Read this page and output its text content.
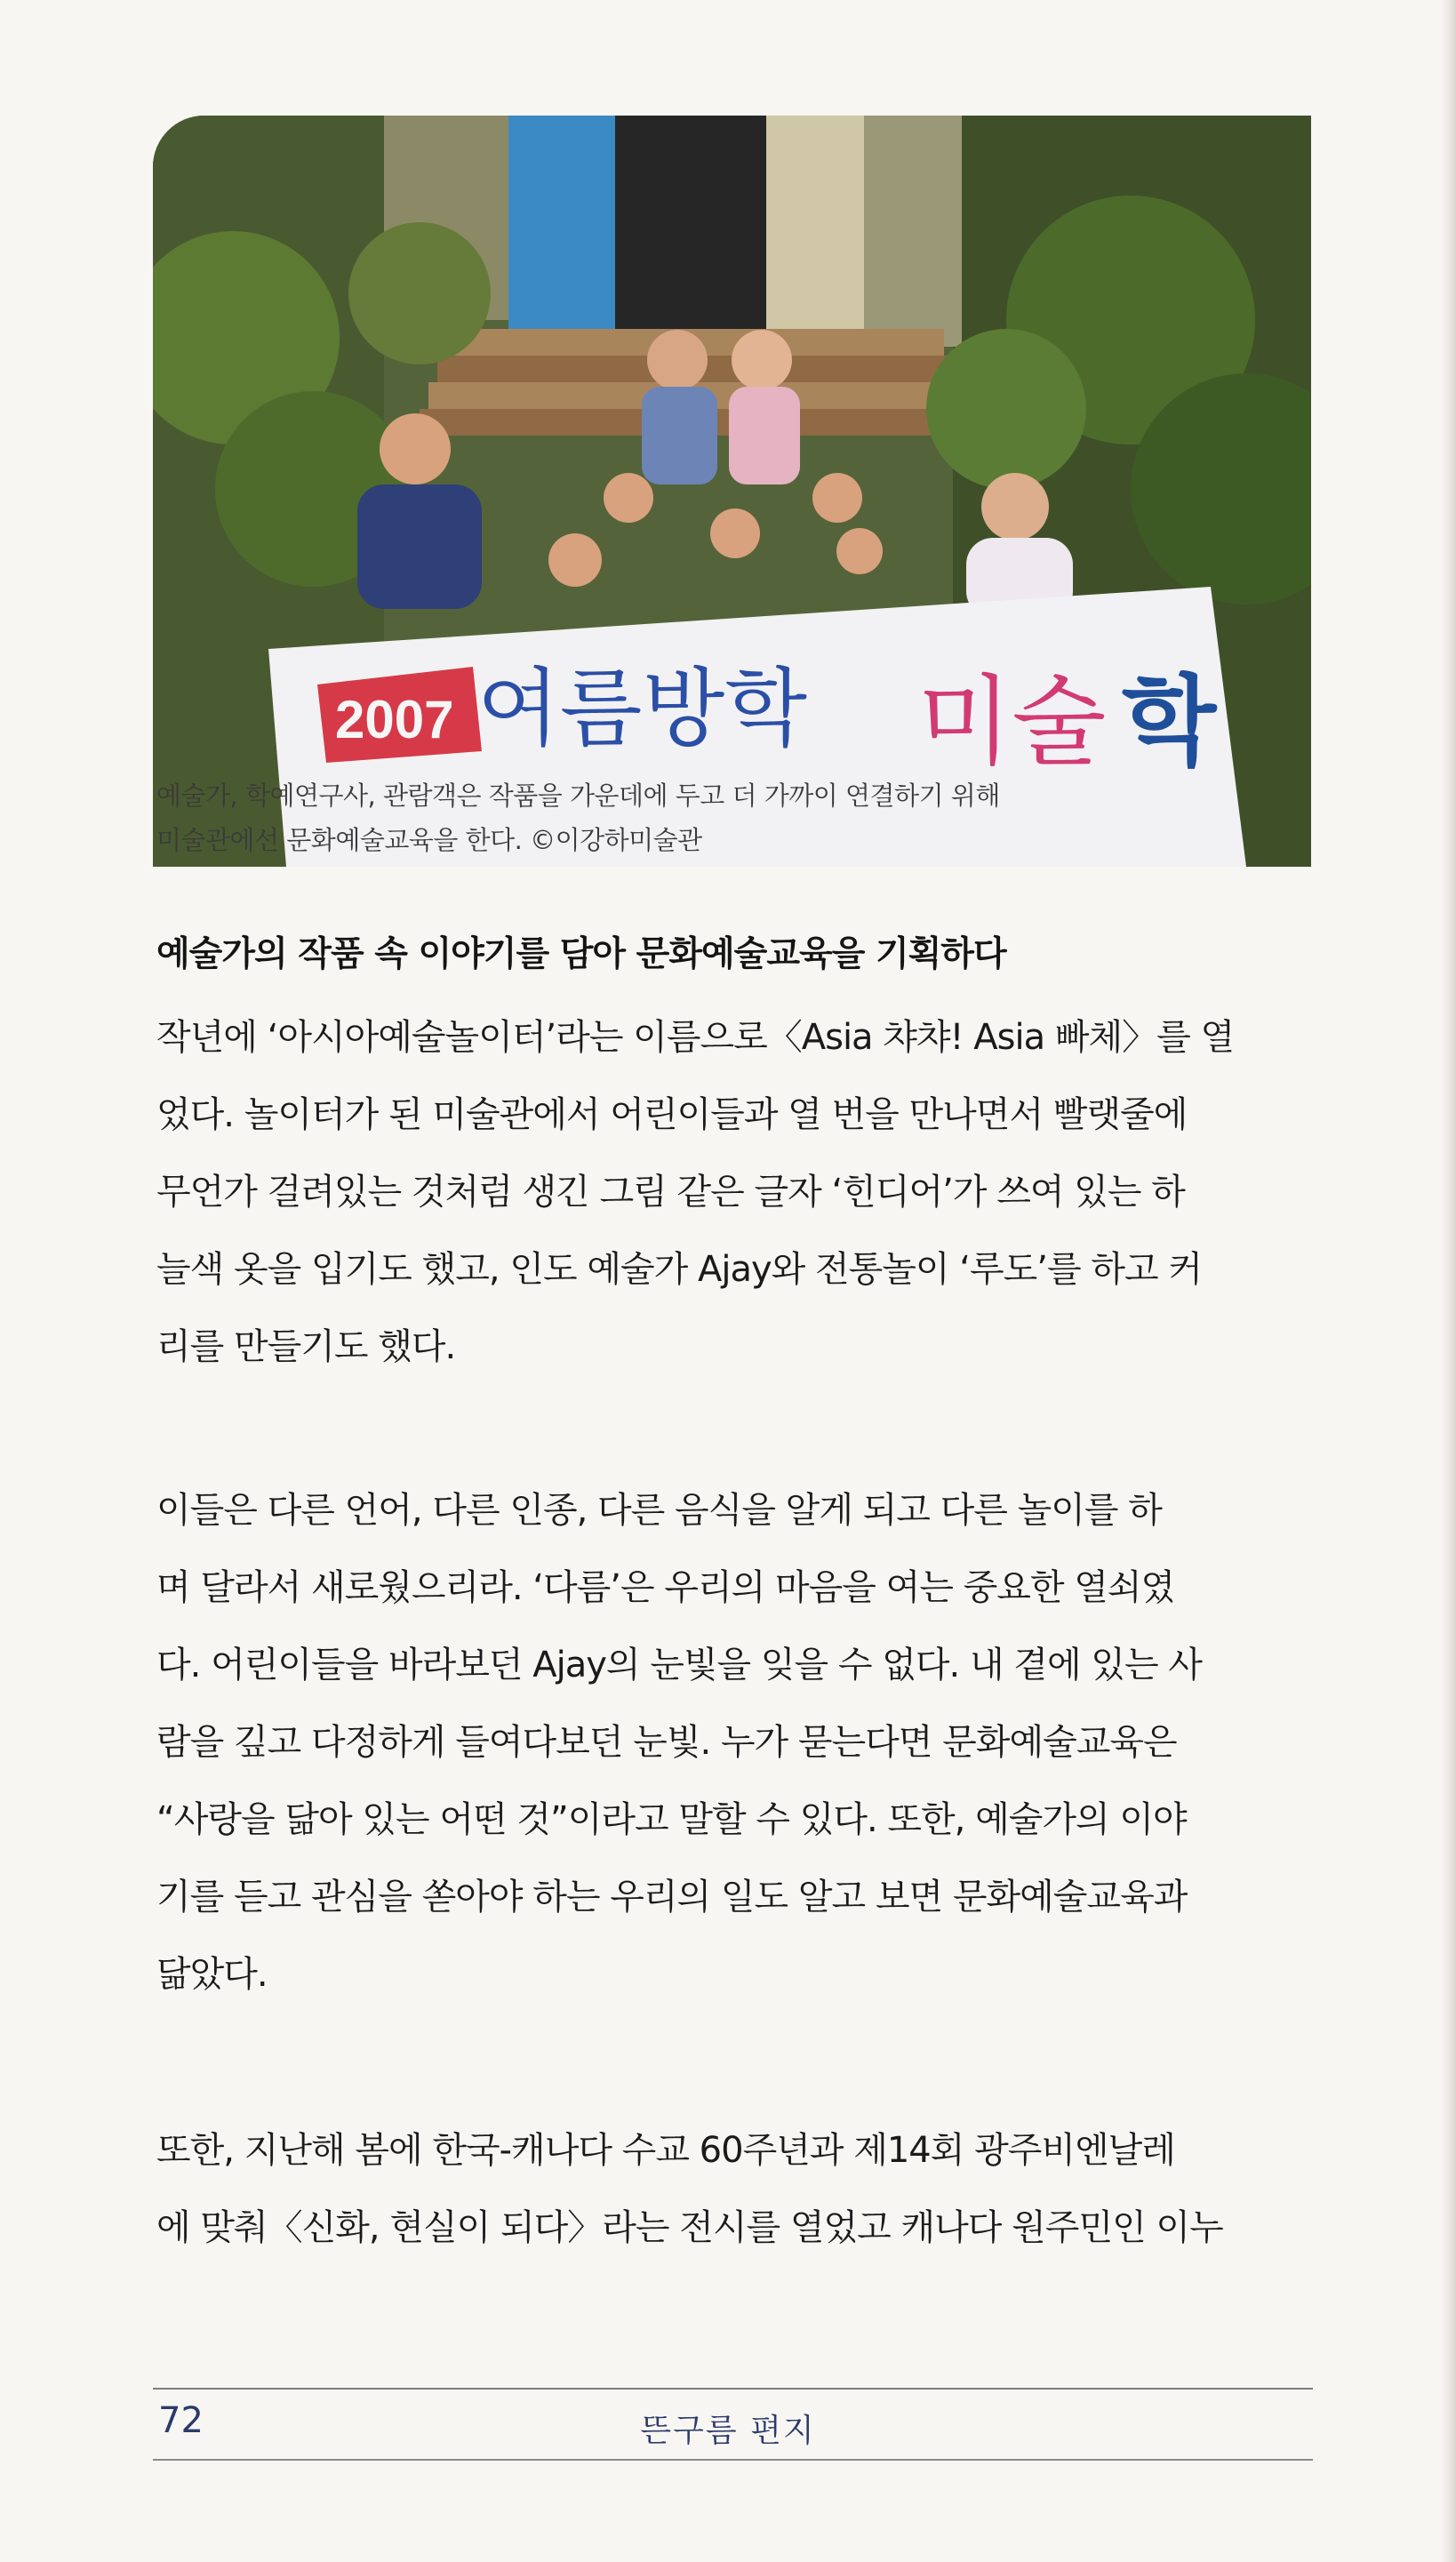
2007 여름방학 미술 학

예술가, 학예연구사, 관람객은 작품을 가운데에 두고 더 가까이 연결하기 위해

미술관에선 문화예술교육을 한다. ©이강하미술관

예술가의 작품 속 이야기를 담아 문화예술교육을 기획하다

작년에 ‘아시아예술놀이터’라는 이름으로〈Asia 챠챠! Asia 빠체〉를 열

었다. 놀이터가 된 미술관에서 어린이들과 열 번을 만나면서 빨랫줄에

무언가 걸려있는 것처럼 생긴 그림 같은 글자 ‘힌디어’가 쓰여 있는 하

늘색 옷을 입기도 했고, 인도 예술가 Ajay와 전통놀이 ‘루도’를 하고 커

리를 만들기도 했다.

이들은 다른 언어, 다른 인종, 다른 음식을 알게 되고 다른 놀이를 하

며 달라서 새로웠으리라. ‘다름’은 우리의 마음을 여는 중요한 열쇠였

다. 어린이들을 바라보던 Ajay의 눈빛을 잊을 수 없다. 내 곁에 있는 사

람을 깊고 다정하게 들여다보던 눈빛. 누가 묻는다면 문화예술교육은

“사랑을 닮아 있는 어떤 것”이라고 말할 수 있다. 또한, 예술가의 이야

기를 듣고 관심을 쏟아야 하는 우리의 일도 알고 보면 문화예술교육과

닮았다.

또한, 지난해 봄에 한국-캐나다 수교 60주년과 제14회 광주비엔날레

에 맞춰〈신화, 현실이 되다〉라는 전시를 열었고 캐나다 원주민인 이누

72	뜬구름 편지
